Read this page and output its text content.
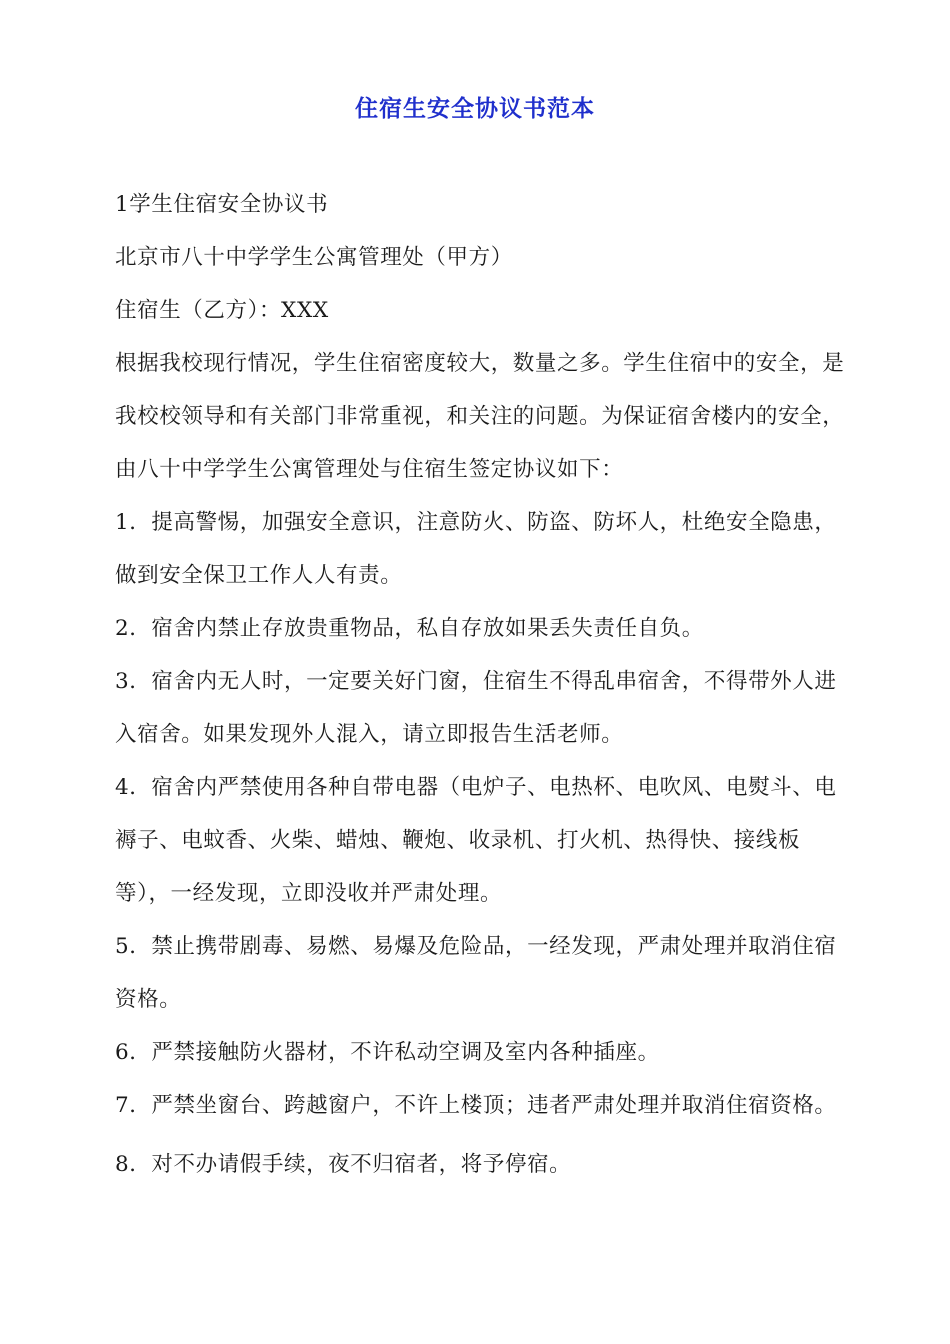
住宿生安全协议书范本

1学生住宿安全协议书

北京市八十中学学生公寓管理处（甲方）

住宿生（乙方）：XXX

根据我校现行情况，学生住宿密度较大，数量之多。学生住宿中的安全，是我校校领导和有关部门非常重视，和关注的问题。为保证宿舍楼内的安全，由八十中学学生公寓管理处与住宿生签定协议如下：

1．提高警惕，加强安全意识，注意防火、防盗、防坏人，杜绝安全隐患，做到安全保卫工作人人有责。

2．宿舍内禁止存放贵重物品，私自存放如果丢失责任自负。

3．宿舍内无人时，一定要关好门窗，住宿生不得乱串宿舍，不得带外人进入宿舍。如果发现外人混入，请立即报告生活老师。

4．宿舍内严禁使用各种自带电器（电炉子、电热杯、电吹风、电熨斗、电褥子、电蚊香、火柴、蜡烛、鞭炮、收录机、打火机、热得快、接线板等），一经发现，立即没收并严肃处理。

5．禁止携带剧毒、易燃、易爆及危险品，一经发现，严肃处理并取消住宿资格。

6．严禁接触防火器材，不许私动空调及室内各种插座。

7．严禁坐窗台、跨越窗户，不许上楼顶；违者严肃处理并取消住宿资格。

8．对不办请假手续，夜不归宿者，将予停宿。
